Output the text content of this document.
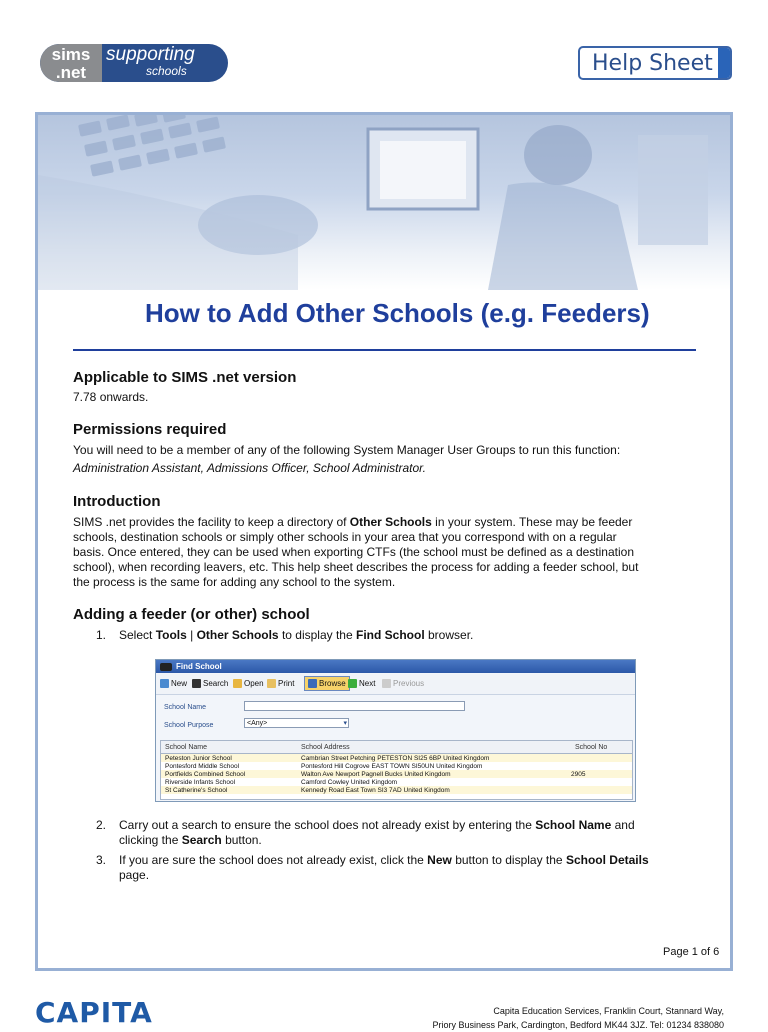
sims
.net
supporting
schools	Help Sheet
How to Add Other Schools (e.g. Feeders)
Applicable to SIMS .net version

7.78 onwards.

Permissions required

You will need to be a member of any of the following System Manager User Groups to run this function:

Administration Assistant, Admissions Officer, School Administrator.

Introduction
SIMS .net provides the facility to keep a directory of Other Schools in your system. These may be feeder
schools, destination schools or simply other schools in your area that you correspond with on a regular
basis. Once entered, they can be used when exporting CTFs (the school must be defined as a destination
school), when recording leavers, etc. This help sheet describes the process for adding a feeder school, but
the process is the same for adding any school to the system.
Adding a feeder (or other) school
1. Select Tools | Other Schools to display the Find School browser.
Find School
New	Search	Open	Print	Browse	Next	Previous
School Name
School Purpose	<Any>	▾
School Name	School Address	School No
Peteston Junior School	Cambrian Street Petching PETESTON SI25 6BP United Kingdom
Pontesford Middle School	Pontesford Hill Cogrove EAST TOWN SI50UN United Kingdom
Portfields Combined School	Walton Ave Newport Pagnell Bucks United Kingdom	2905
Riverside Infants School	Camford Cowley United Kingdom
St Catherine's School	Kennedy Road East Town SI3 7AD United Kingdom
2. Carry out a search to ensure the school does not already exist by entering the School Name and
clicking the Search button.
3. If you are sure the school does not already exist, click the New button to display the School Details
page.
Page 1 of 6
CAPITA	Capita Education Services, Franklin Court, Stannard Way,
Priory Business Park, Cardington, Bedford MK44 3JZ. Tel: 01234 838080
